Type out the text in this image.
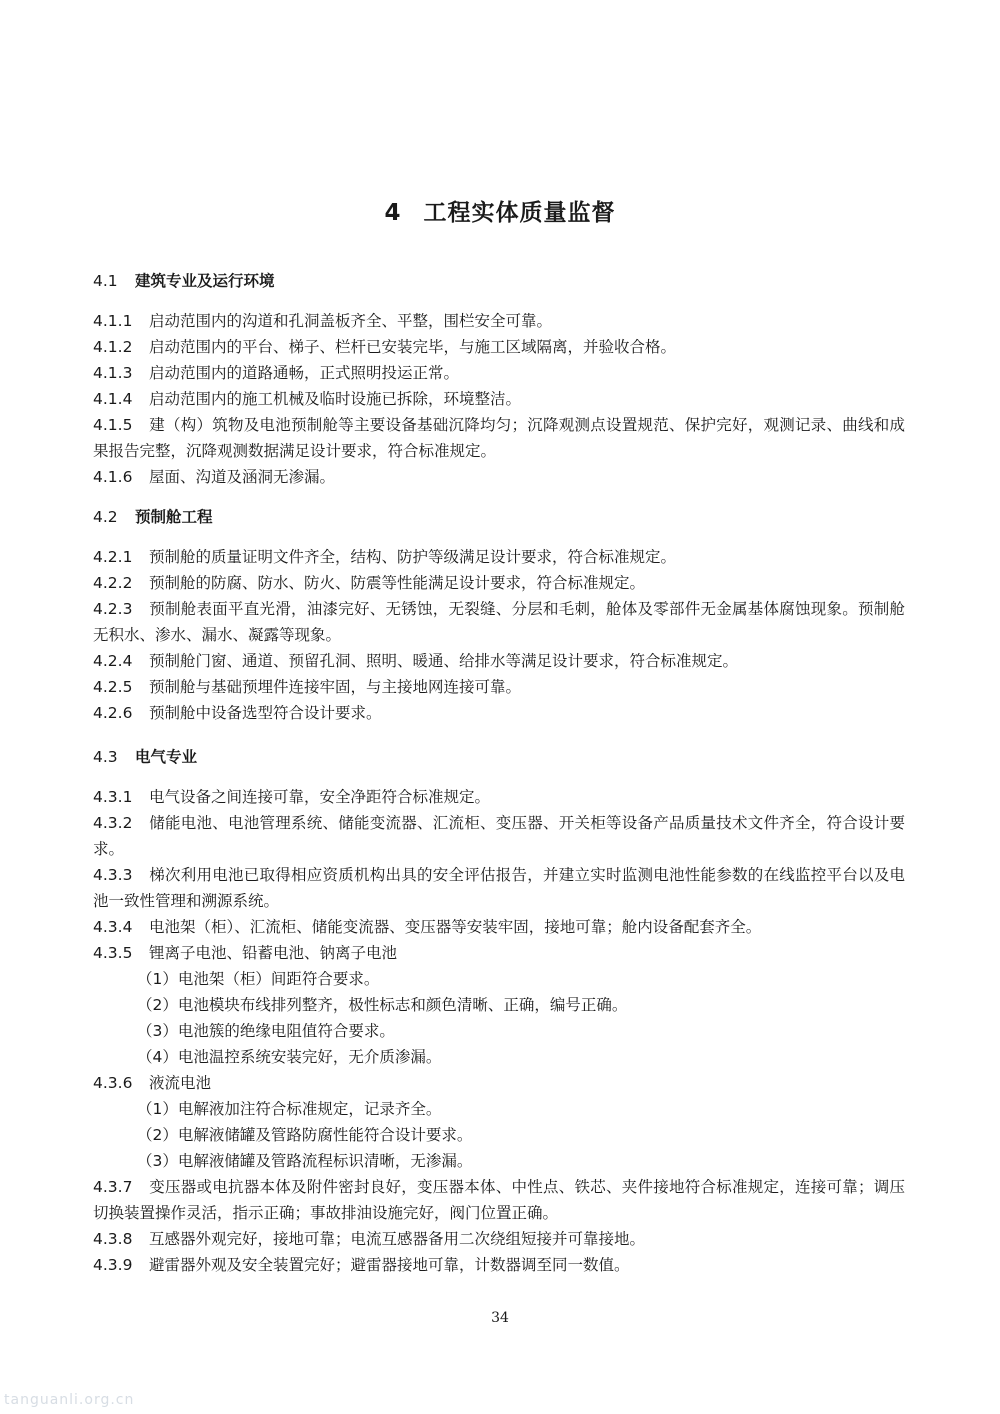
4 工程实体质量监督
4.1 建筑专业及运行环境

4.1.1 启动范围内的沟道和孔洞盖板齐全、平整，围栏安全可靠。

4.1.2 启动范围内的平台、梯子、栏杆已安装完毕，与施工区域隔离，并验收合格。

4.1.3 启动范围内的道路通畅，正式照明投运正常。

4.1.4 启动范围内的施工机械及临时设施已拆除，环境整洁。

4.1.5 建（构）筑物及电池预制舱等主要设备基础沉降均匀；沉降观测点设置规范、保护完好，观测记录、曲线和成果报告完整，沉降观测数据满足设计要求，符合标准规定。

4.1.6 屋面、沟道及涵洞无渗漏。

4.2 预制舱工程

4.2.1 预制舱的质量证明文件齐全，结构、防护等级满足设计要求，符合标准规定。

4.2.2 预制舱的防腐、防水、防火、防震等性能满足设计要求，符合标准规定。

4.2.3 预制舱表面平直光滑，油漆完好、无锈蚀，无裂缝、分层和毛刺，舱体及零部件无金属基体腐蚀现象。预制舱无积水、渗水、漏水、凝露等现象。

4.2.4 预制舱门窗、通道、预留孔洞、照明、暖通、给排水等满足设计要求，符合标准规定。

4.2.5 预制舱与基础预埋件连接牢固，与主接地网连接可靠。

4.2.6 预制舱中设备选型符合设计要求。

4.3 电气专业

4.3.1 电气设备之间连接可靠，安全净距符合标准规定。

4.3.2 储能电池、电池管理系统、储能变流器、汇流柜、变压器、开关柜等设备产品质量技术文件齐全，符合设计要求。

4.3.3 梯次利用电池已取得相应资质机构出具的安全评估报告，并建立实时监测电池性能参数的在线监控平台以及电池一致性管理和溯源系统。

4.3.4 电池架（柜）、汇流柜、储能变流器、变压器等安装牢固，接地可靠；舱内设备配套齐全。

4.3.5 锂离子电池、铅蓄电池、钠离子电池

（1）电池架（柜）间距符合要求。

（2）电池模块布线排列整齐，极性标志和颜色清晰、正确，编号正确。

（3）电池簇的绝缘电阻值符合要求。

（4）电池温控系统安装完好，无介质渗漏。

4.3.6 液流电池

（1）电解液加注符合标准规定，记录齐全。

（2）电解液储罐及管路防腐性能符合设计要求。

（3）电解液储罐及管路流程标识清晰，无渗漏。

4.3.7 变压器或电抗器本体及附件密封良好，变压器本体、中性点、铁芯、夹件接地符合标准规定，连接可靠；调压切换装置操作灵活，指示正确；事故排油设施完好，阀门位置正确。

4.3.8 互感器外观完好，接地可靠；电流互感器备用二次绕组短接并可靠接地。

4.3.9 避雷器外观及安全装置完好；避雷器接地可靠，计数器调至同一数值。

34
tanguanli.org.cn
